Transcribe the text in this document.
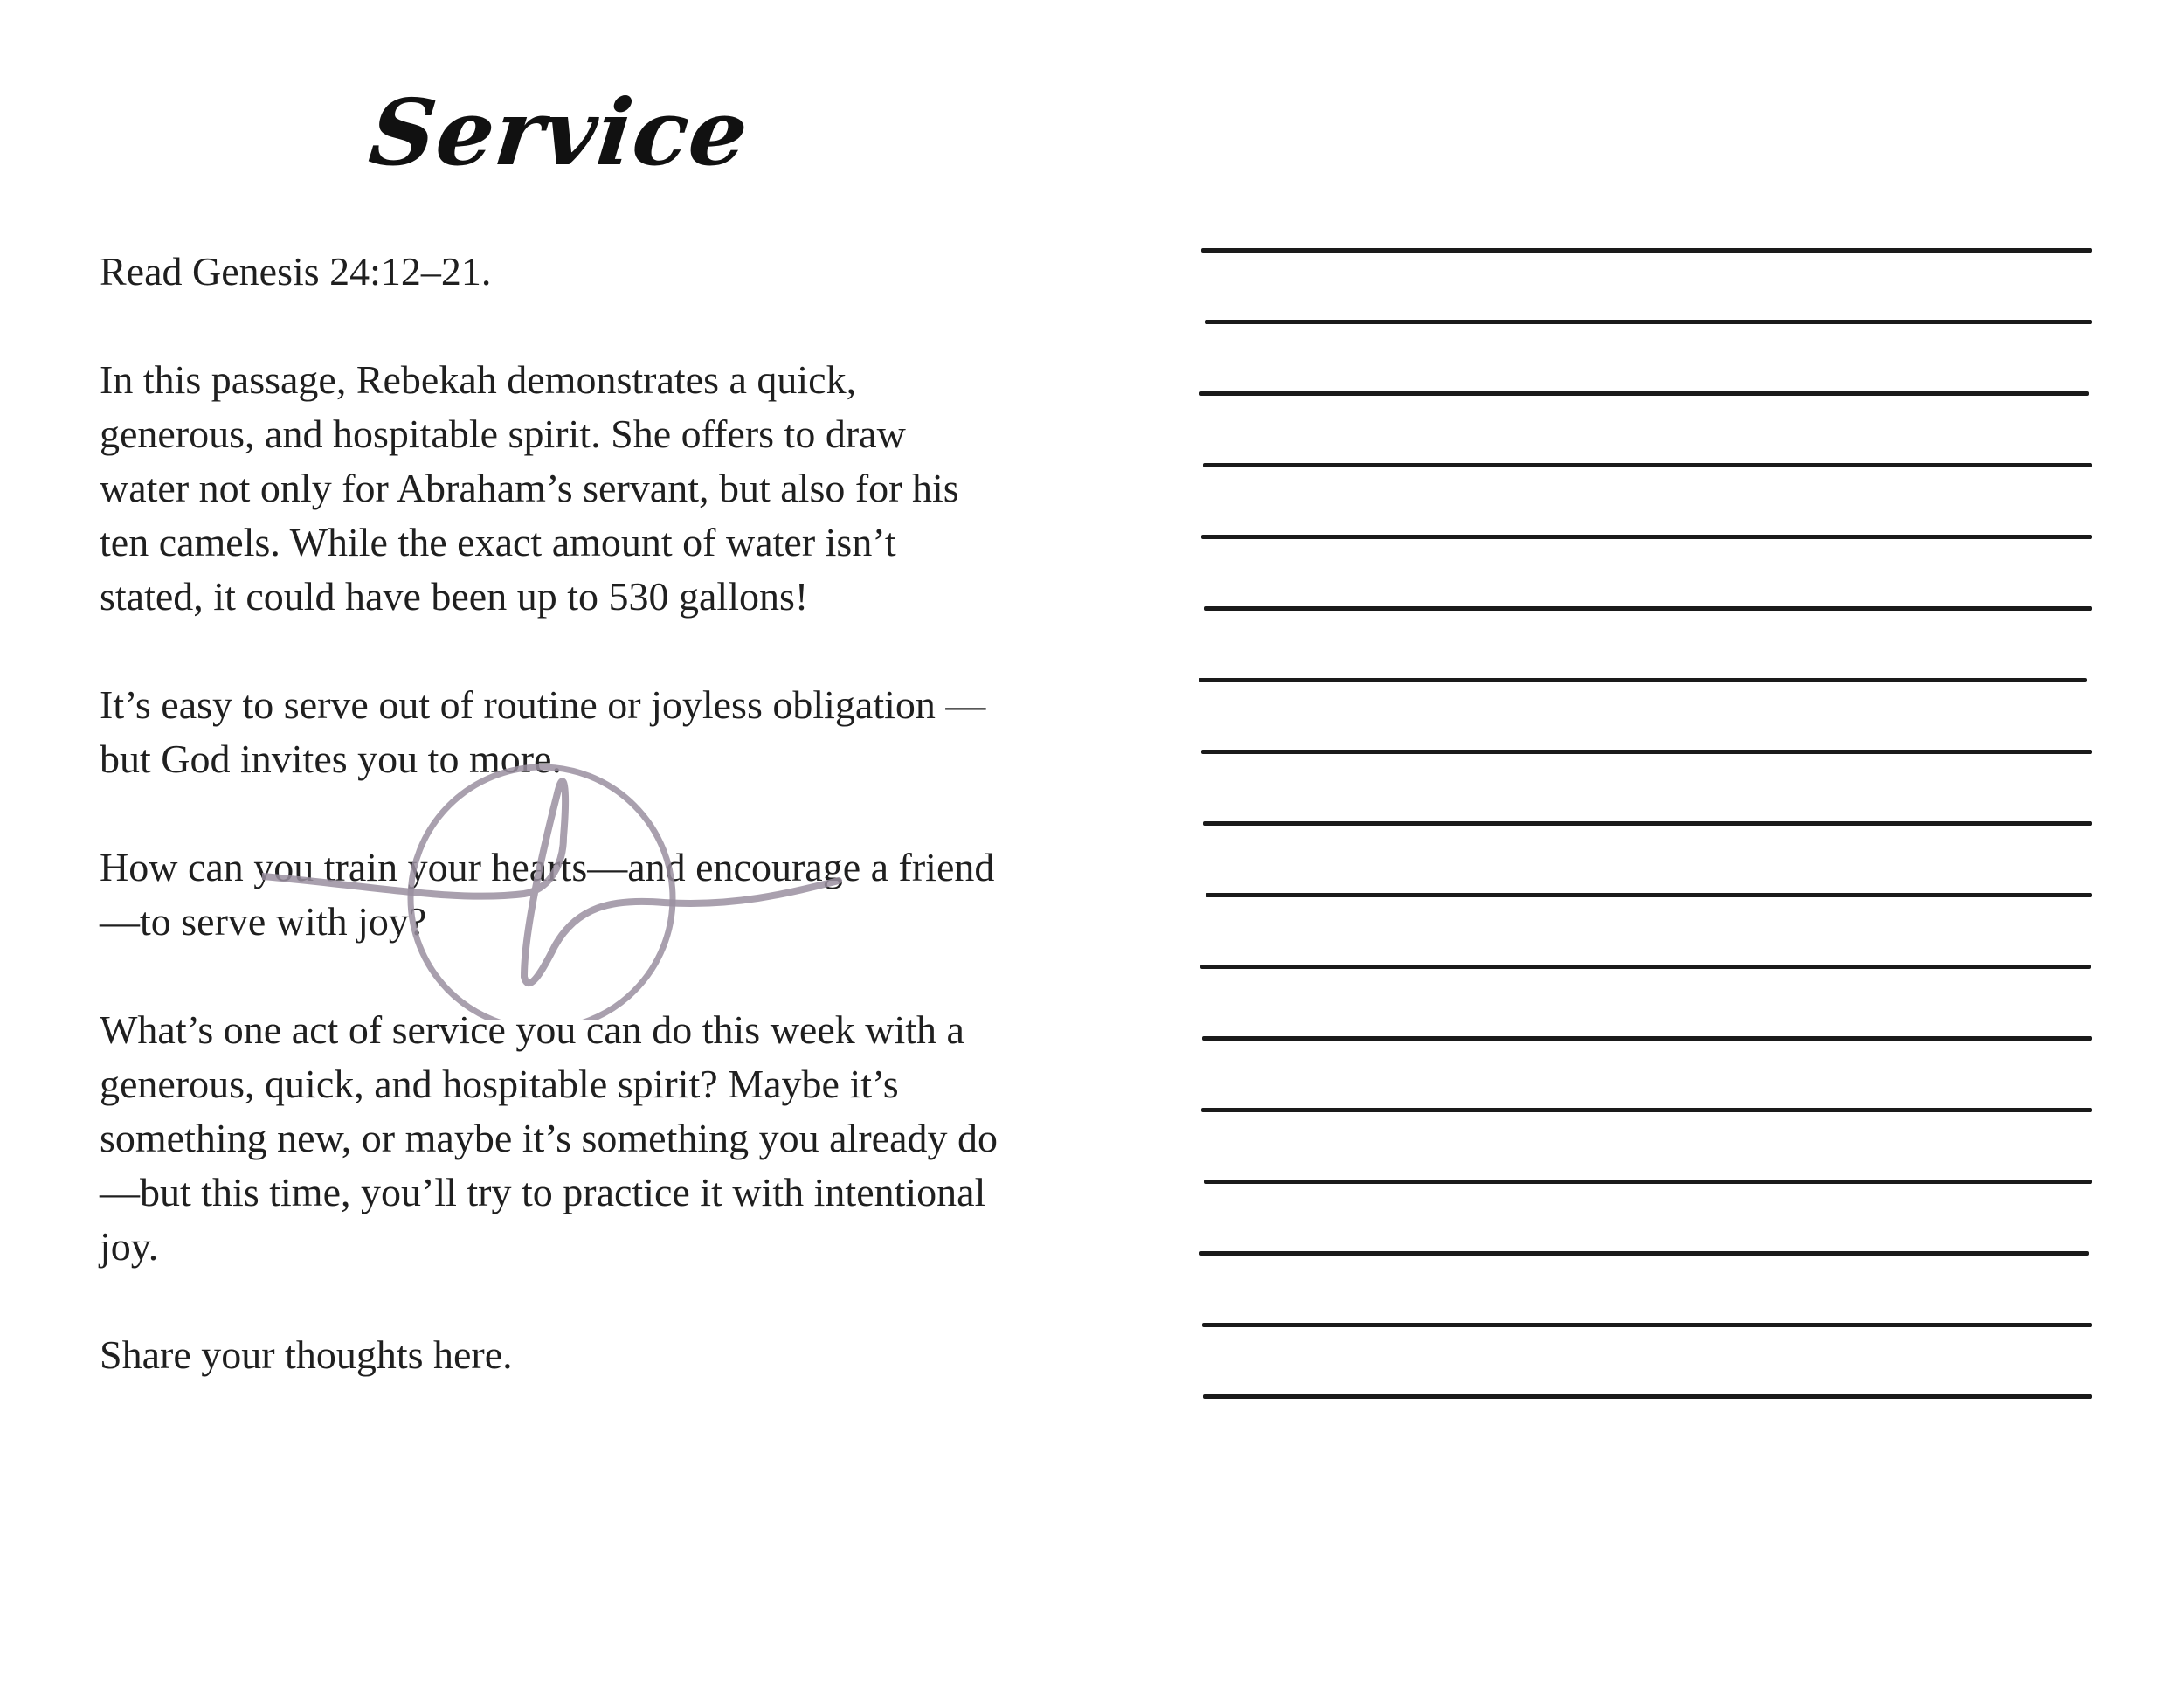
Service

Read Genesis 24:12–21.

In this passage, Rebekah demonstrates a quick, generous, and hospitable spirit. She offers to draw water not only for Abraham’s servant, but also for his ten camels. While the exact amount of water isn’t stated, it could have been up to 530 gallons!

It’s easy to serve out of routine or joyless obligation —but God invites you to more.

How can you train your hearts—and encourage a friend—to serve with joy?

What’s one act of service you can do this week with a generous, quick, and hospitable spirit? Maybe it’s something new, or maybe it’s something you already do—but this time, you’ll try to practice it with intentional joy.

Share your thoughts here.
